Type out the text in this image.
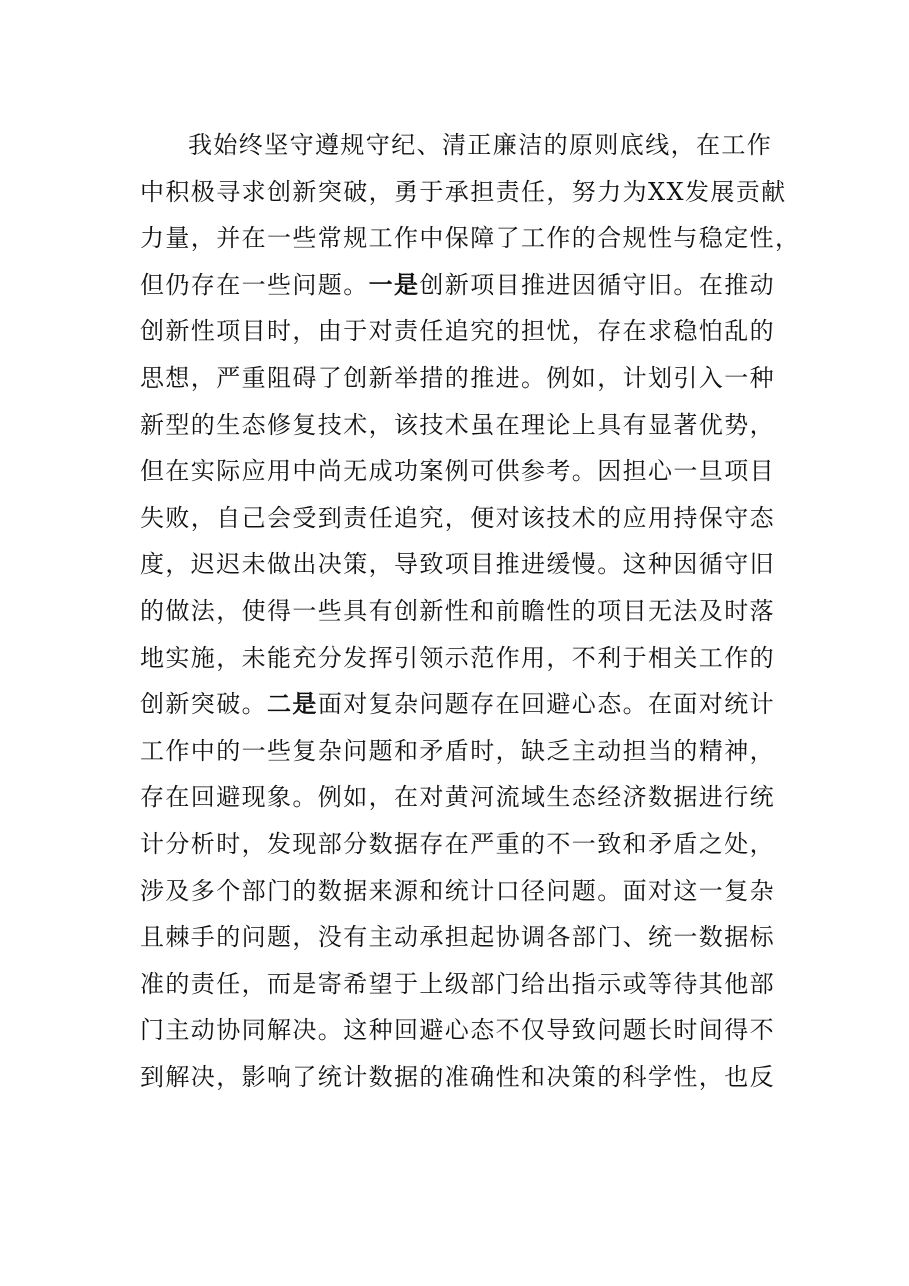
我始终坚守遵规守纪、清正廉洁的原则底线，在工作
中积极寻求创新突破，勇于承担责任，努力为XX发展贡献
力量，并在一些常规工作中保障了工作的合规性与稳定性，
但仍存在一些问题。一是创新项目推进因循守旧。在推动
创新性项目时，由于对责任追究的担忧，存在求稳怕乱的
思想，严重阻碍了创新举措的推进。例如，计划引入一种
新型的生态修复技术，该技术虽在理论上具有显著优势，
但在实际应用中尚无成功案例可供参考。因担心一旦项目
失败，自己会受到责任追究，便对该技术的应用持保守态
度，迟迟未做出决策，导致项目推进缓慢。这种因循守旧
的做法，使得一些具有创新性和前瞻性的项目无法及时落
地实施，未能充分发挥引领示范作用，不利于相关工作的
创新突破。二是面对复杂问题存在回避心态。在面对统计
工作中的一些复杂问题和矛盾时，缺乏主动担当的精神，
存在回避现象。例如，在对黄河流域生态经济数据进行统
计分析时，发现部分数据存在严重的不一致和矛盾之处，
涉及多个部门的数据来源和统计口径问题。面对这一复杂
且棘手的问题，没有主动承担起协调各部门、统一数据标
准的责任，而是寄希望于上级部门给出指示或等待其他部
门主动协同解决。这种回避心态不仅导致问题长时间得不
到解决，影响了统计数据的准确性和决策的科学性，也反
